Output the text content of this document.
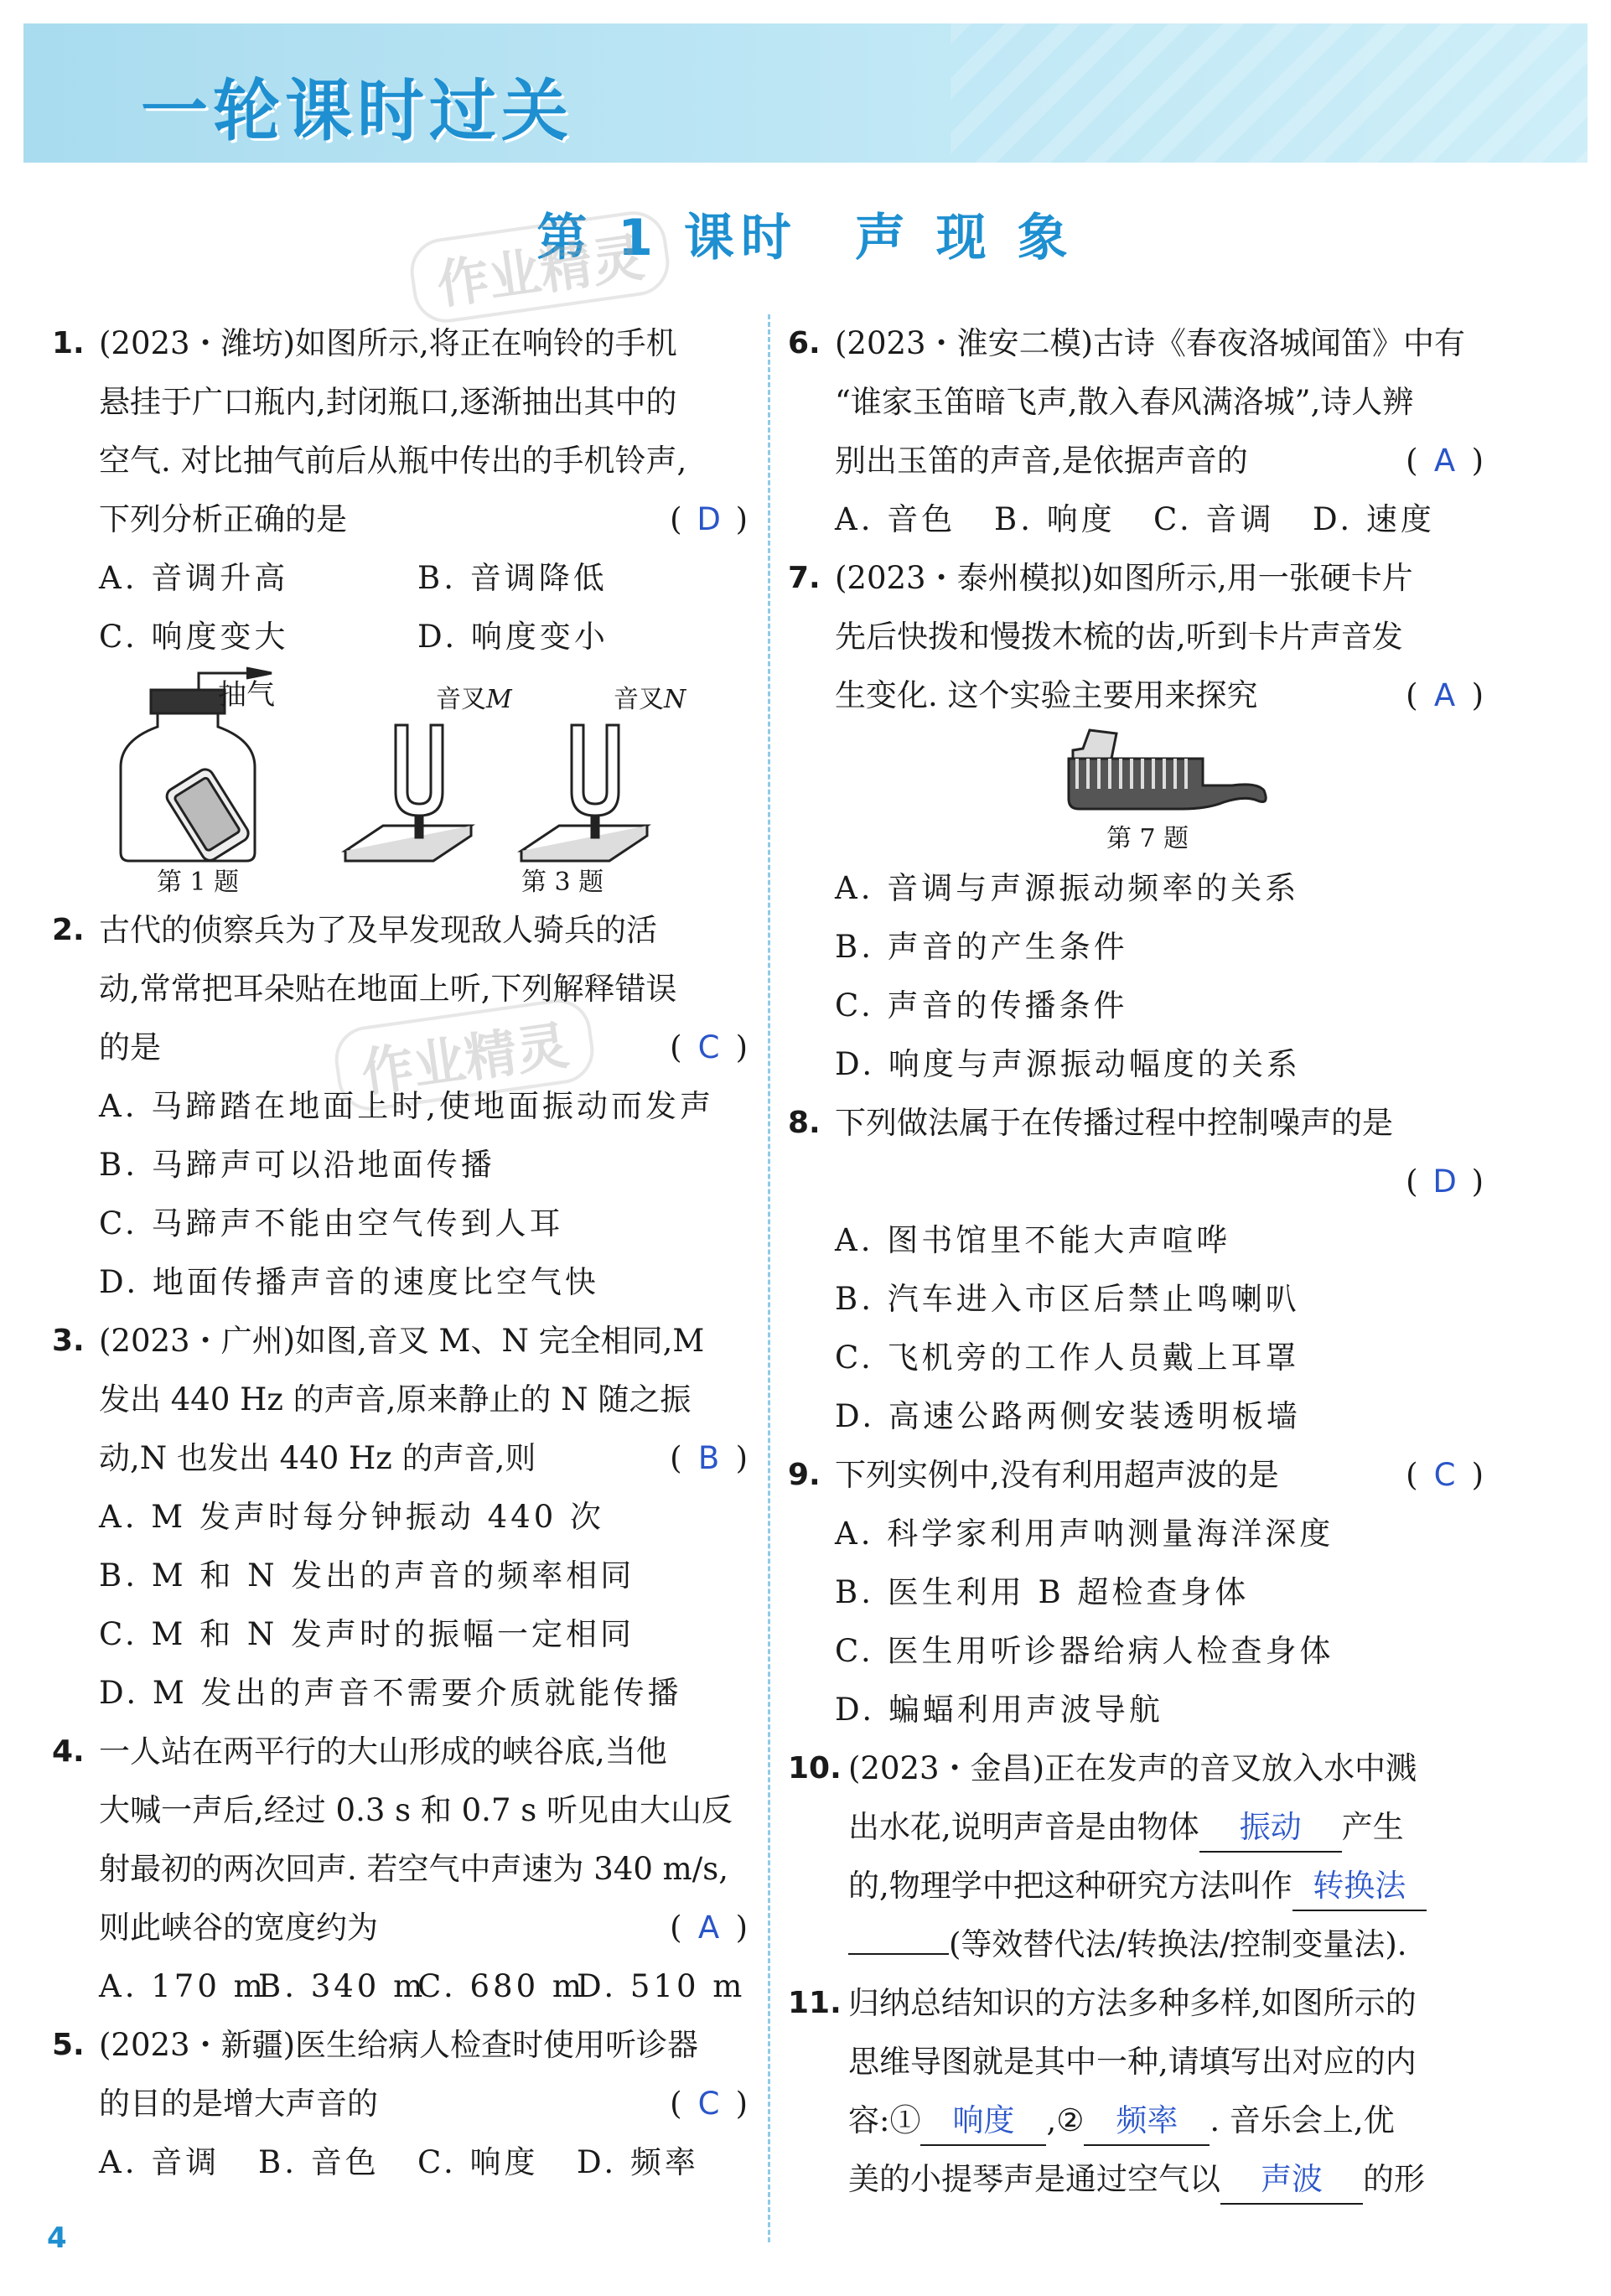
一轮课时过关
第 1 课时　声 现 象
作业精灵
作业精灵
1. (2023・潍坊)如图所示,将正在响铃的手机
悬挂于广口瓶内,封闭瓶口,逐渐抽出其中的
空气. 对比抽气前后从瓶中传出的手机铃声,
下列分析正确的是	( D )
A. 音调升高	B. 音调降低
C. 响度变大	D. 响度变小
抽气	音叉M	音叉N
第 1 题	第 3 题
2. 古代的侦察兵为了及早发现敌人骑兵的活
动,常常把耳朵贴在地面上听,下列解释错误
的是	( C )
A. 马蹄踏在地面上时,使地面振动而发声
B. 马蹄声可以沿地面传播
C. 马蹄声不能由空气传到人耳
D. 地面传播声音的速度比空气快
3. (2023・广州)如图,音叉 M、N 完全相同,M
发出 440 Hz 的声音,原来静止的 N 随之振
动,N 也发出 440 Hz 的声音,则	( B )
A. M 发声时每分钟振动 440 次
B. M 和 N 发出的声音的频率相同
C. M 和 N 发声时的振幅一定相同
D. M 发出的声音不需要介质就能传播
4. 一人站在两平行的大山形成的峡谷底,当他
大喊一声后,经过 0.3 s 和 0.7 s 听见由大山反
射最初的两次回声. 若空气中声速为 340 m/s,
则此峡谷的宽度约为	( A )
A. 170 m
B. 340 m
C. 680 m
D. 510 m
5. (2023・新疆)医生给病人检查时使用听诊器
的目的是增大声音的	( C )
A. 音调	B. 音色	C. 响度	D. 频率
6. (2023・淮安二模)古诗《春夜洛城闻笛》中有
“谁家玉笛暗飞声,散入春风满洛城”,诗人辨
别出玉笛的声音,是依据声音的	( A )
A. 音色	B. 响度	C. 音调	D. 速度
7. (2023・泰州模拟)如图所示,用一张硬卡片
先后快拨和慢拨木梳的齿,听到卡片声音发
生变化. 这个实验主要用来探究	( A )
第 7 题
A. 音调与声源振动频率的关系
B. 声音的产生条件
C. 声音的传播条件
D. 响度与声源振动幅度的关系
8. 下列做法属于在传播过程中控制噪声的是
( D )
A. 图书馆里不能大声喧哗
B. 汽车进入市区后禁止鸣喇叭
C. 飞机旁的工作人员戴上耳罩
D. 高速公路两侧安装透明板墙
9. 下列实例中,没有利用超声波的是	( C )
A. 科学家利用声呐测量海洋深度
B. 医生利用 B 超检查身体
C. 医生用听诊器给病人检查身体
D. 蝙蝠利用声波导航
10. (2023・金昌)正在发声的音叉放入水中溅
出水花,说明声音是由物体 振动 产生
的,物理学中把这种研究方法叫作 转换法
(等效替代法/转换法/控制变量法).
11. 归纳总结知识的方法多种多样,如图所示的
思维导图就是其中一种,请填写出对应的内
容:① 响度 ,② 频率 . 音乐会上,优
美的小提琴声是通过空气以 声波 的形
4
